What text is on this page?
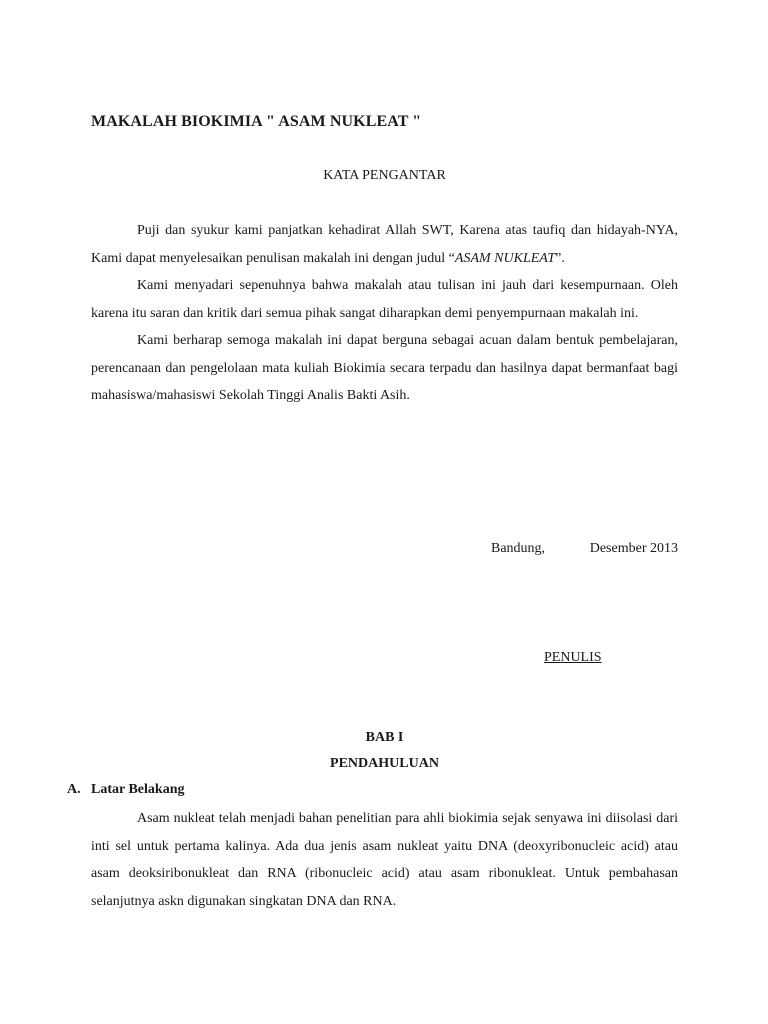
MAKALAH BIOKIMIA " ASAM NUKLEAT "
KATA PENGANTAR

Puji dan syukur kami panjatkan kehadirat Allah SWT, Karena atas taufiq dan hidayah-NYA, Kami dapat menyelesaikan penulisan makalah ini dengan judul “ASAM NUKLEAT”.

Kami menyadari sepenuhnya bahwa makalah atau tulisan ini jauh dari kesempurnaan. Oleh karena itu saran dan kritik dari semua pihak sangat diharapkan demi penyempurnaan makalah ini.

Kami berharap semoga makalah ini dapat berguna sebagai acuan dalam bentuk pembelajaran, perencanaan dan pengelolaan mata kuliah Biokimia secara terpadu dan hasilnya dapat bermanfaat bagi mahasiswa/mahasiswi Sekolah Tinggi Analis Bakti Asih.

Bandung,	Desember 2013
PENULIS
BAB I
PENDAHULUAN
A. Latar Belakang

Asam nukleat telah menjadi bahan penelitian para ahli biokimia sejak senyawa ini diisolasi dari inti sel untuk pertama kalinya. Ada dua jenis asam nukleat yaitu DNA (deoxyribonucleic acid) atau asam deoksiribonukleat dan RNA (ribonucleic acid) atau asam ribonukleat. Untuk pembahasan selanjutnya askn digunakan singkatan DNA dan RNA.
